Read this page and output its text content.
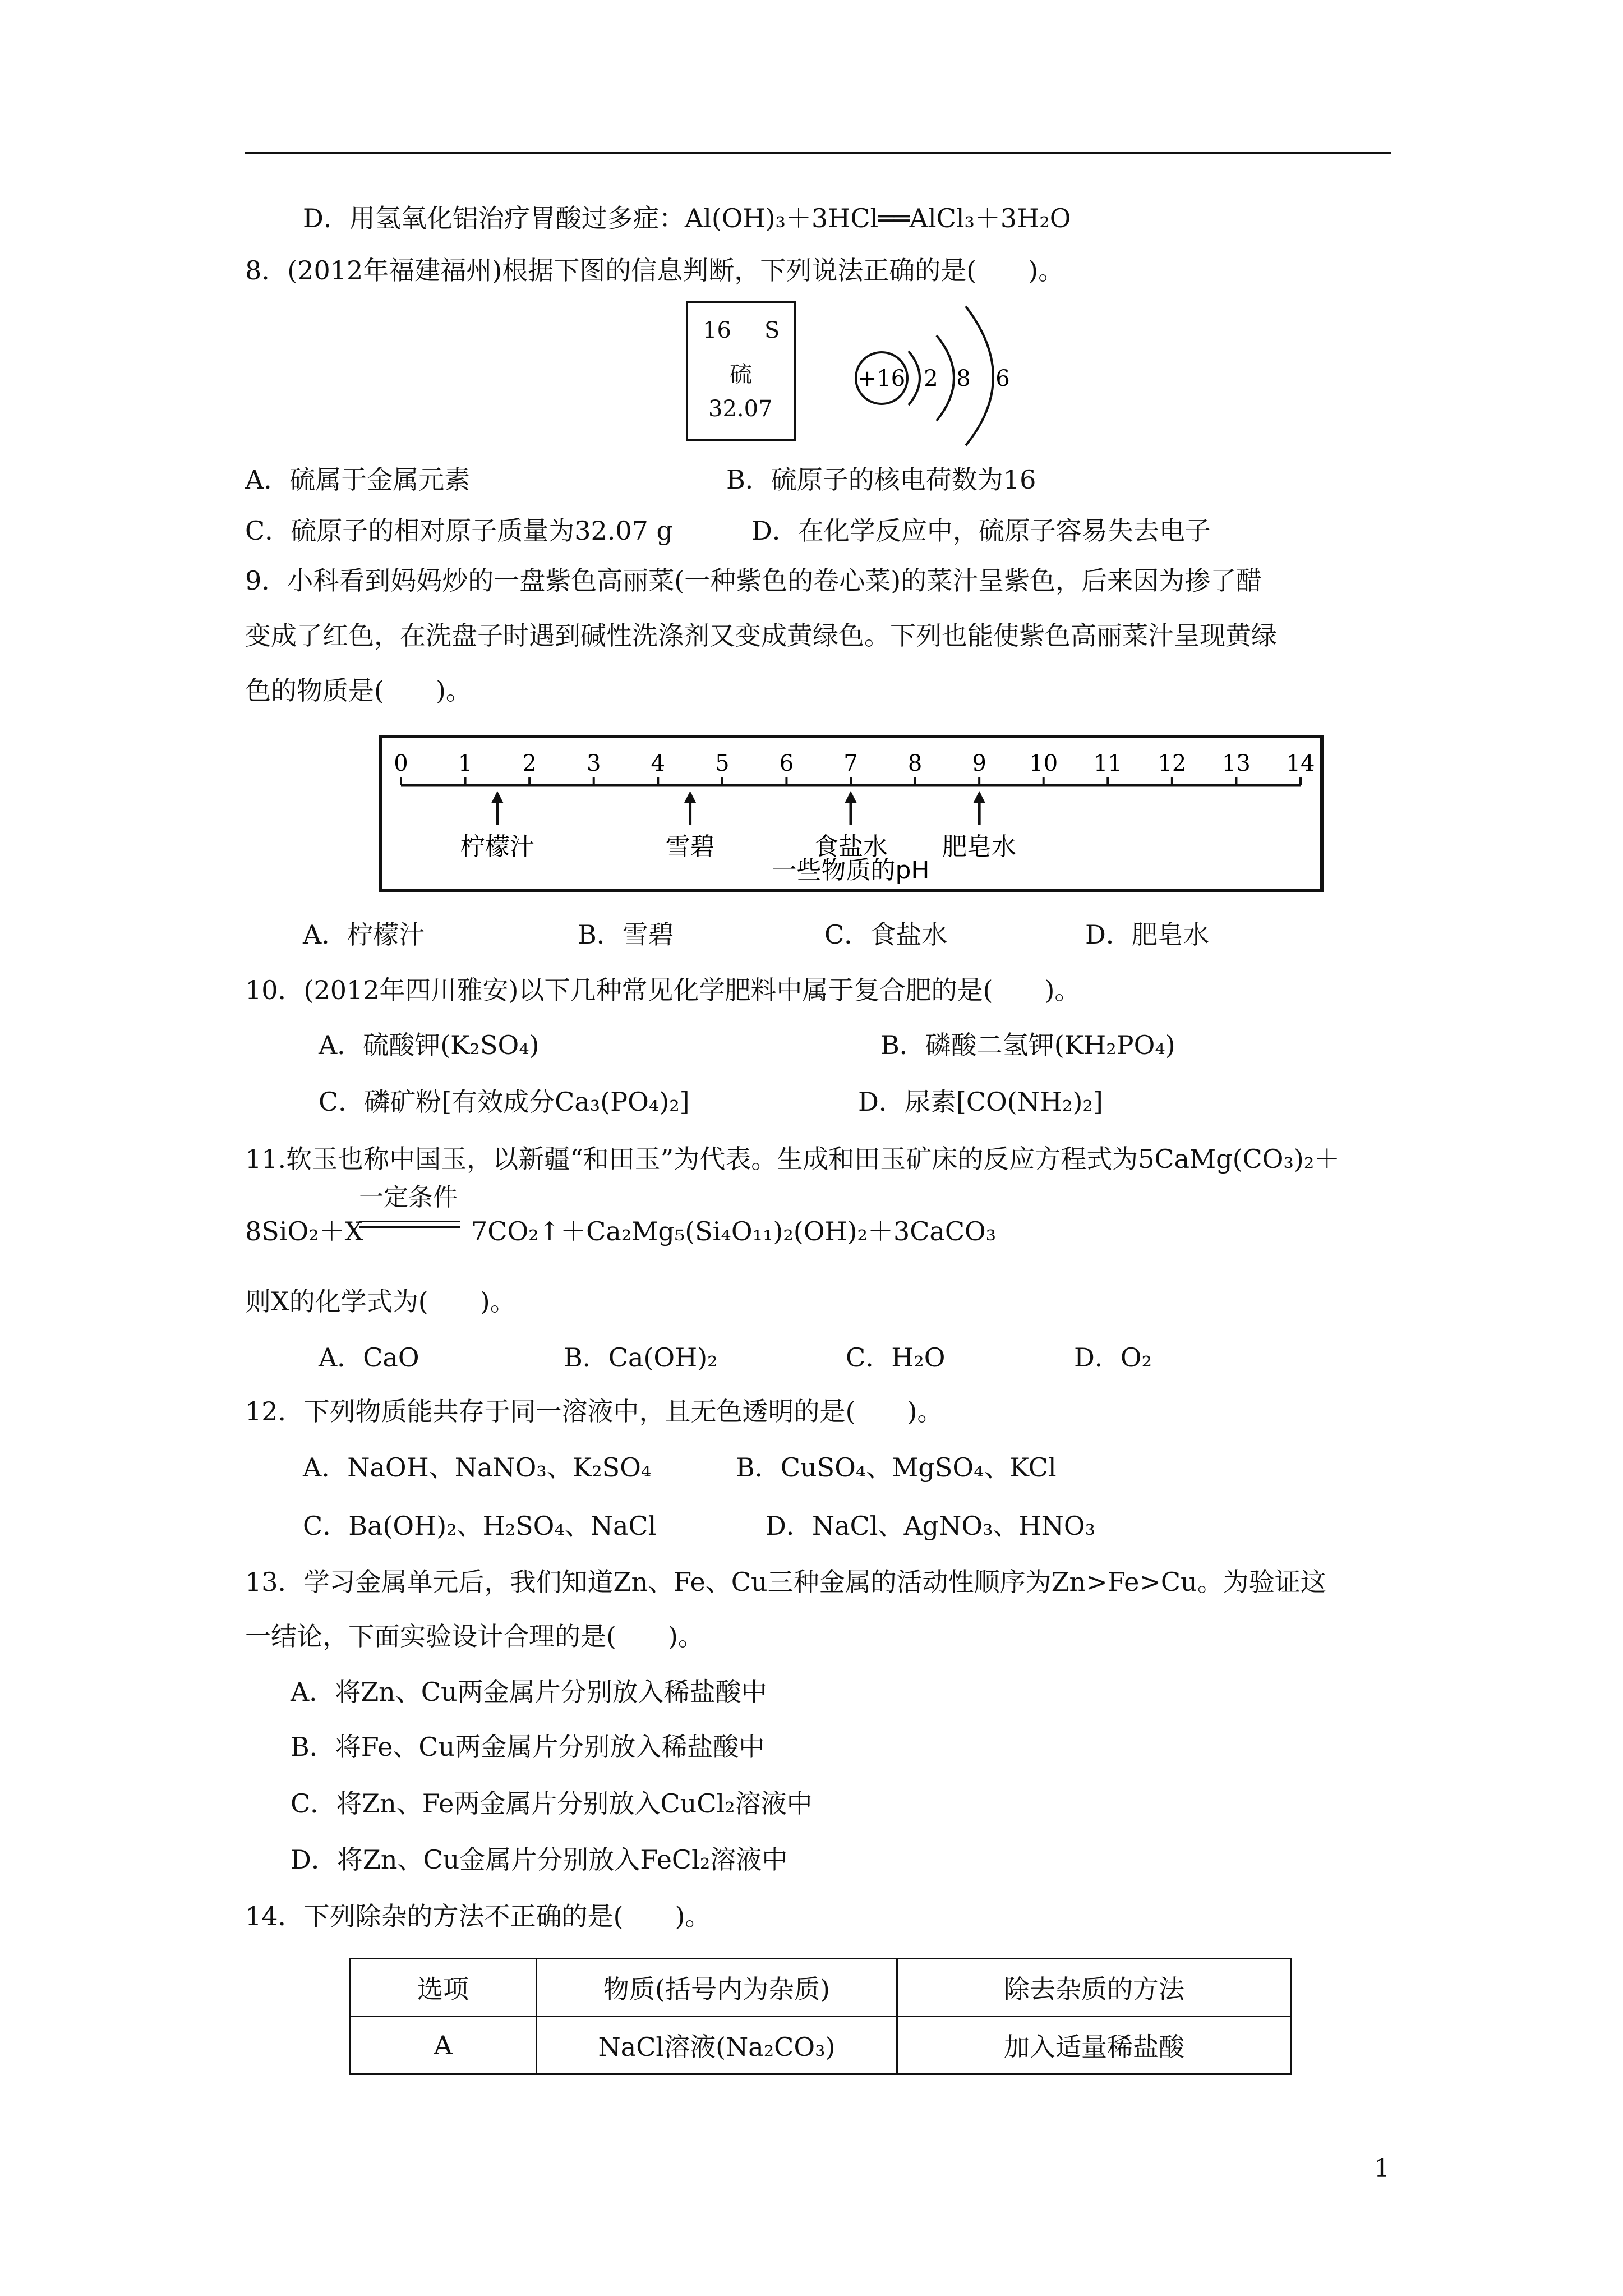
D．用氢氧化铝治疗胃酸过多症：Al(OH)₃＋3HCl══AlCl₃＋3H₂O
8．(2012年福建福州)根据下图的信息判断，下列说法正确的是(　　)。
16 S
硫
32.07
+16 2 8 6
A．硫属于金属元素	B．硫原子的核电荷数为16
C．硫原子的相对原子质量为32.07 g	D．在化学反应中，硫原子容易失去电子
9．小科看到妈妈炒的一盘紫色高丽菜(一种紫色的卷心菜)的菜汁呈紫色，后来因为掺了醋
变成了红色，在洗盘子时遇到碱性洗涤剂又变成黄绿色。下列也能使紫色高丽菜汁呈现黄绿
色的物质是(　　)。
0 1 2 3 4 5 6 7 8 9 10 11 12 13 14
柠檬汁	雪碧	食盐水 肥皂水
一些物质的pH
A．柠檬汁	B．雪碧	C．食盐水	D．肥皂水
10．(2012年四川雅安)以下几种常见化学肥料中属于复合肥的是(　　)。
A．硫酸钾(K₂SO₄)	B．磷酸二氢钾(KH₂PO₄)
C．磷矿粉[有效成分Ca₃(PO₄)₂]	D．尿素[CO(NH₂)₂]
11.软玉也称中国玉，以新疆“和田玉”为代表。生成和田玉矿床的反应方程式为5CaMg(CO₃)₂＋
8SiO₂＋X
一定条件
7CO₂↑＋Ca₂Mg₅(Si₄O₁₁)₂(OH)₂＋3CaCO₃
则X的化学式为(　　)。
A．CaO	B．Ca(OH)₂	C．H₂O	D．O₂
12．下列物质能共存于同一溶液中，且无色透明的是(　　)。
A．NaOH、NaNO₃、K₂SO₄	B．CuSO₄、MgSO₄、KCl
C．Ba(OH)₂、H₂SO₄、NaCl	D．NaCl、AgNO₃、HNO₃
13．学习金属单元后，我们知道Zn、Fe、Cu三种金属的活动性顺序为Zn>Fe>Cu。为验证这
一结论，下面实验设计合理的是(　　)。
A．将Zn、Cu两金属片分别放入稀盐酸中
B．将Fe、Cu两金属片分别放入稀盐酸中
C．将Zn、Fe两金属片分别放入CuCl₂溶液中
D．将Zn、Cu金属片分别放入FeCl₂溶液中
14．下列除杂的方法不正确的是(　　)。
选项	物质(括号内为杂质)	除去杂质的方法
A	NaCl溶液(Na₂CO₃)	加入适量稀盐酸
1
